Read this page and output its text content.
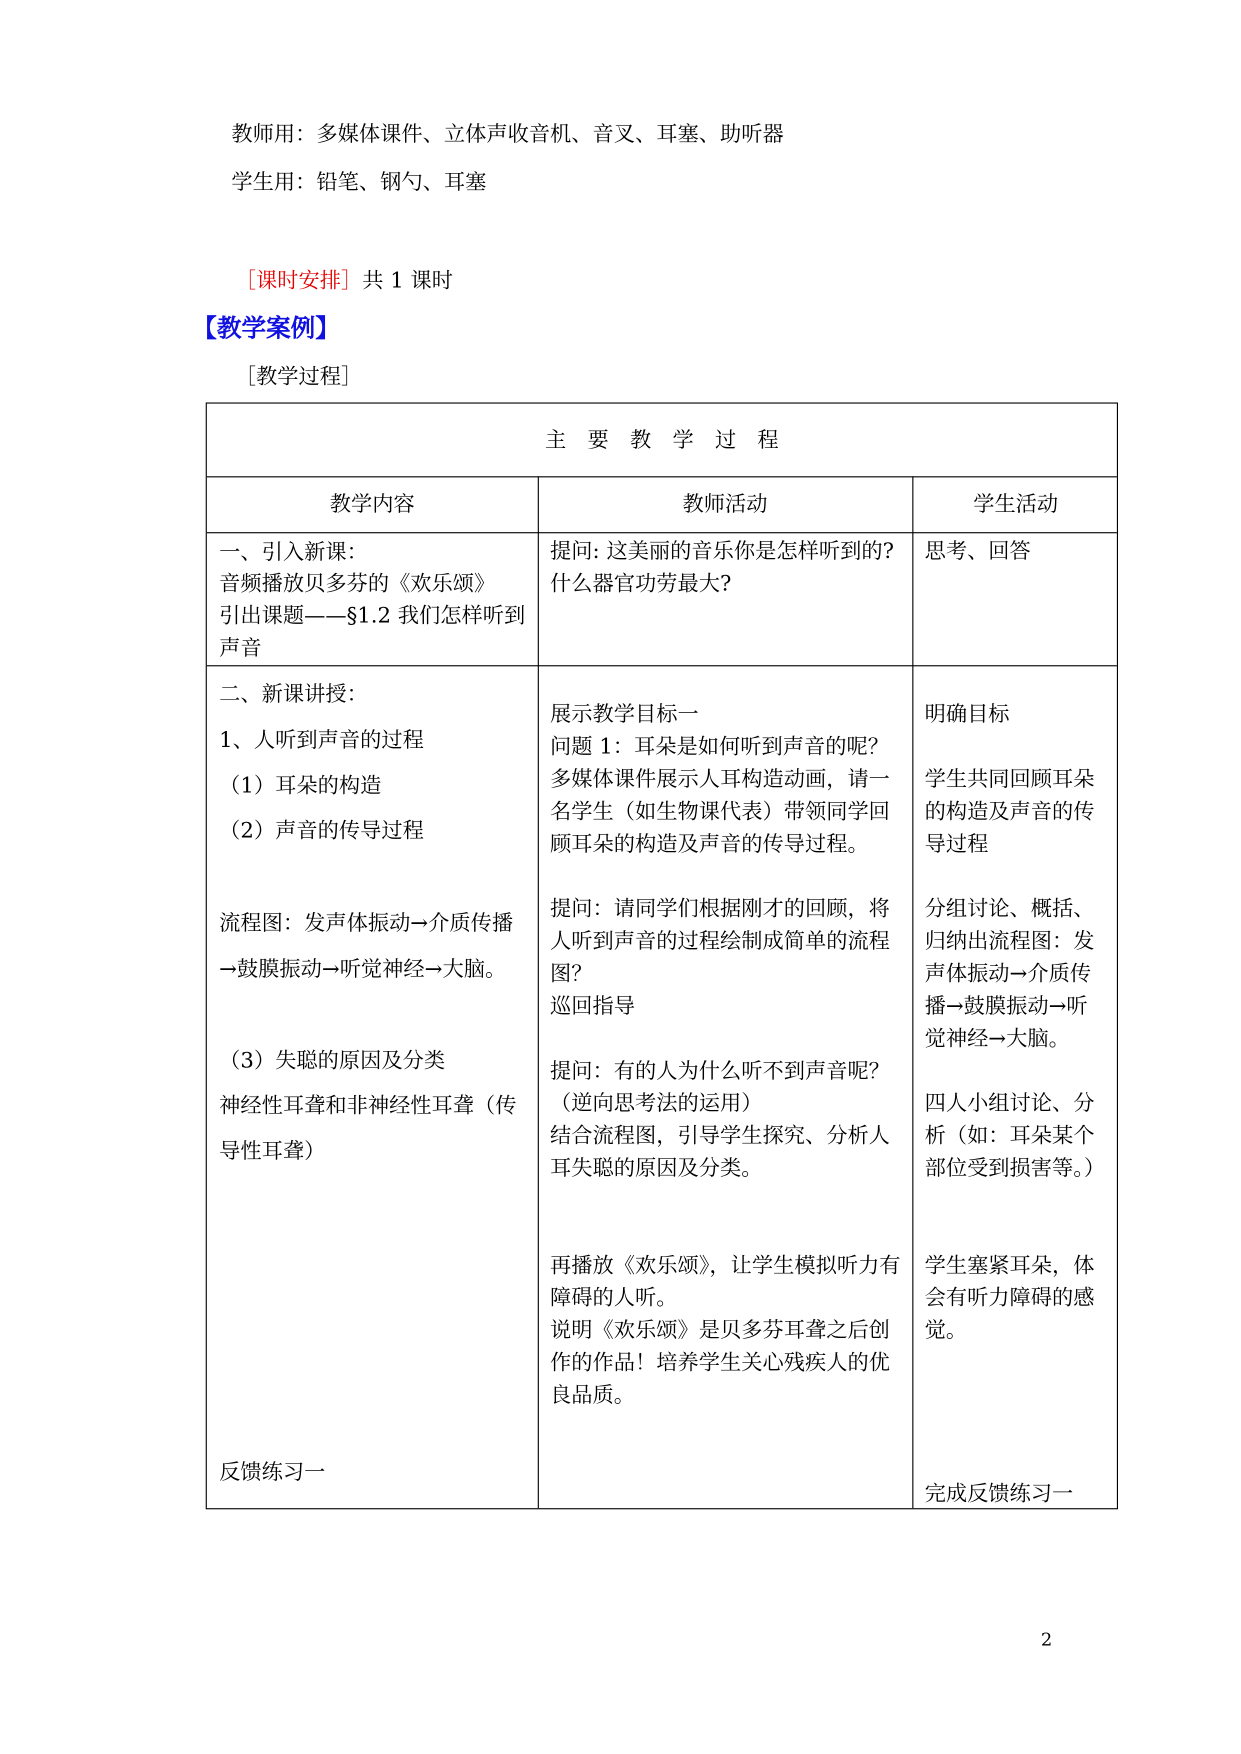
教师用：多媒体课件、立体声收音机、音叉、耳塞、助听器
学生用：铅笔、钢勺、耳塞
［课时安排］共 1 课时
【教学案例】
［教学过程］
主　要　教　学　过　程
教学内容	教师活动	学生活动
一、引入新课：
音频播放贝多芬的《欢乐颂》
引出课题——§1.2 我们怎样听到
声音
提问: 这美丽的音乐你是怎样听到的?
什么器官功劳最大?
思考、回答
二、新课讲授：
1、人听到声音的过程
（1）耳朵的构造
（2）声音的传导过程
流程图：发声体振动→介质传播
→鼓膜振动→听觉神经→大脑。
（3）失聪的原因及分类
神经性耳聋和非神经性耳聋（传
导性耳聋）
反馈练习一
展示教学目标一
问题 1：耳朵是如何听到声音的呢？
多媒体课件展示人耳构造动画，请一
名学生（如生物课代表）带领同学回
顾耳朵的构造及声音的传导过程。
提问：请同学们根据刚才的回顾，将
人听到声音的过程绘制成简单的流程
图？
巡回指导
提问：有的人为什么听不到声音呢？
（逆向思考法的运用）
结合流程图，引导学生探究、分析人
耳失聪的原因及分类。
再播放《欢乐颂》，让学生模拟听力有
障碍的人听。
说明《欢乐颂》是贝多芬耳聋之后创
作的作品！培养学生关心残疾人的优
良品质。
明确目标
学生共同回顾耳朵
的构造及声音的传
导过程
分组讨论、概括、
归纳出流程图：发
声体振动→介质传
播→鼓膜振动→听
觉神经→大脑。
四人小组讨论、分
析（如：耳朵某个
部位受到损害等。）
学生塞紧耳朵，体
会有听力障碍的感
觉。
完成反馈练习一
2
